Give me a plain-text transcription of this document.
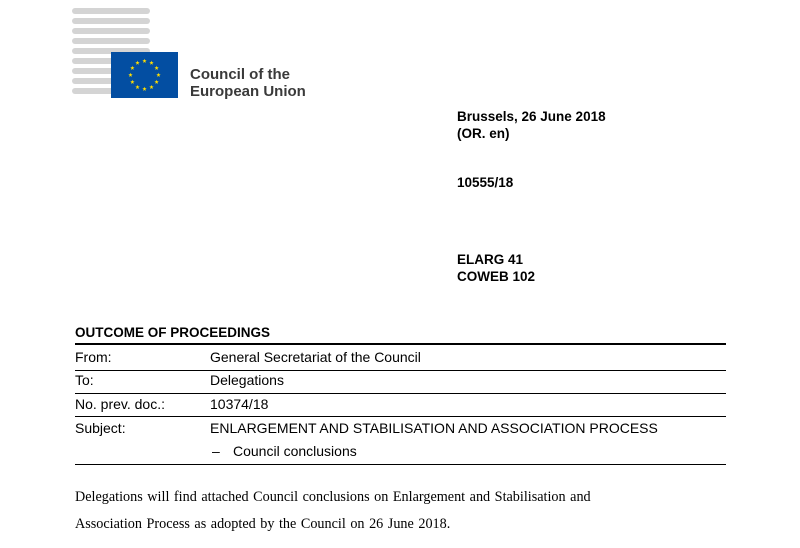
Council of the
European Union
Brussels, 26 June 2018
(OR. en)
10555/18
ELARG 41
COWEB 102
OUTCOME OF PROCEEDINGS
From:	General Secretariat of the Council
To:	Delegations
No. prev. doc.:	10374/18
Subject:	ENLARGEMENT AND STABILISATION AND ASSOCIATION PROCESS
– Council conclusions
Delegations will find attached Council conclusions on Enlargement and Stabilisation and
Association Process as adopted by the Council on 26 June 2018.
